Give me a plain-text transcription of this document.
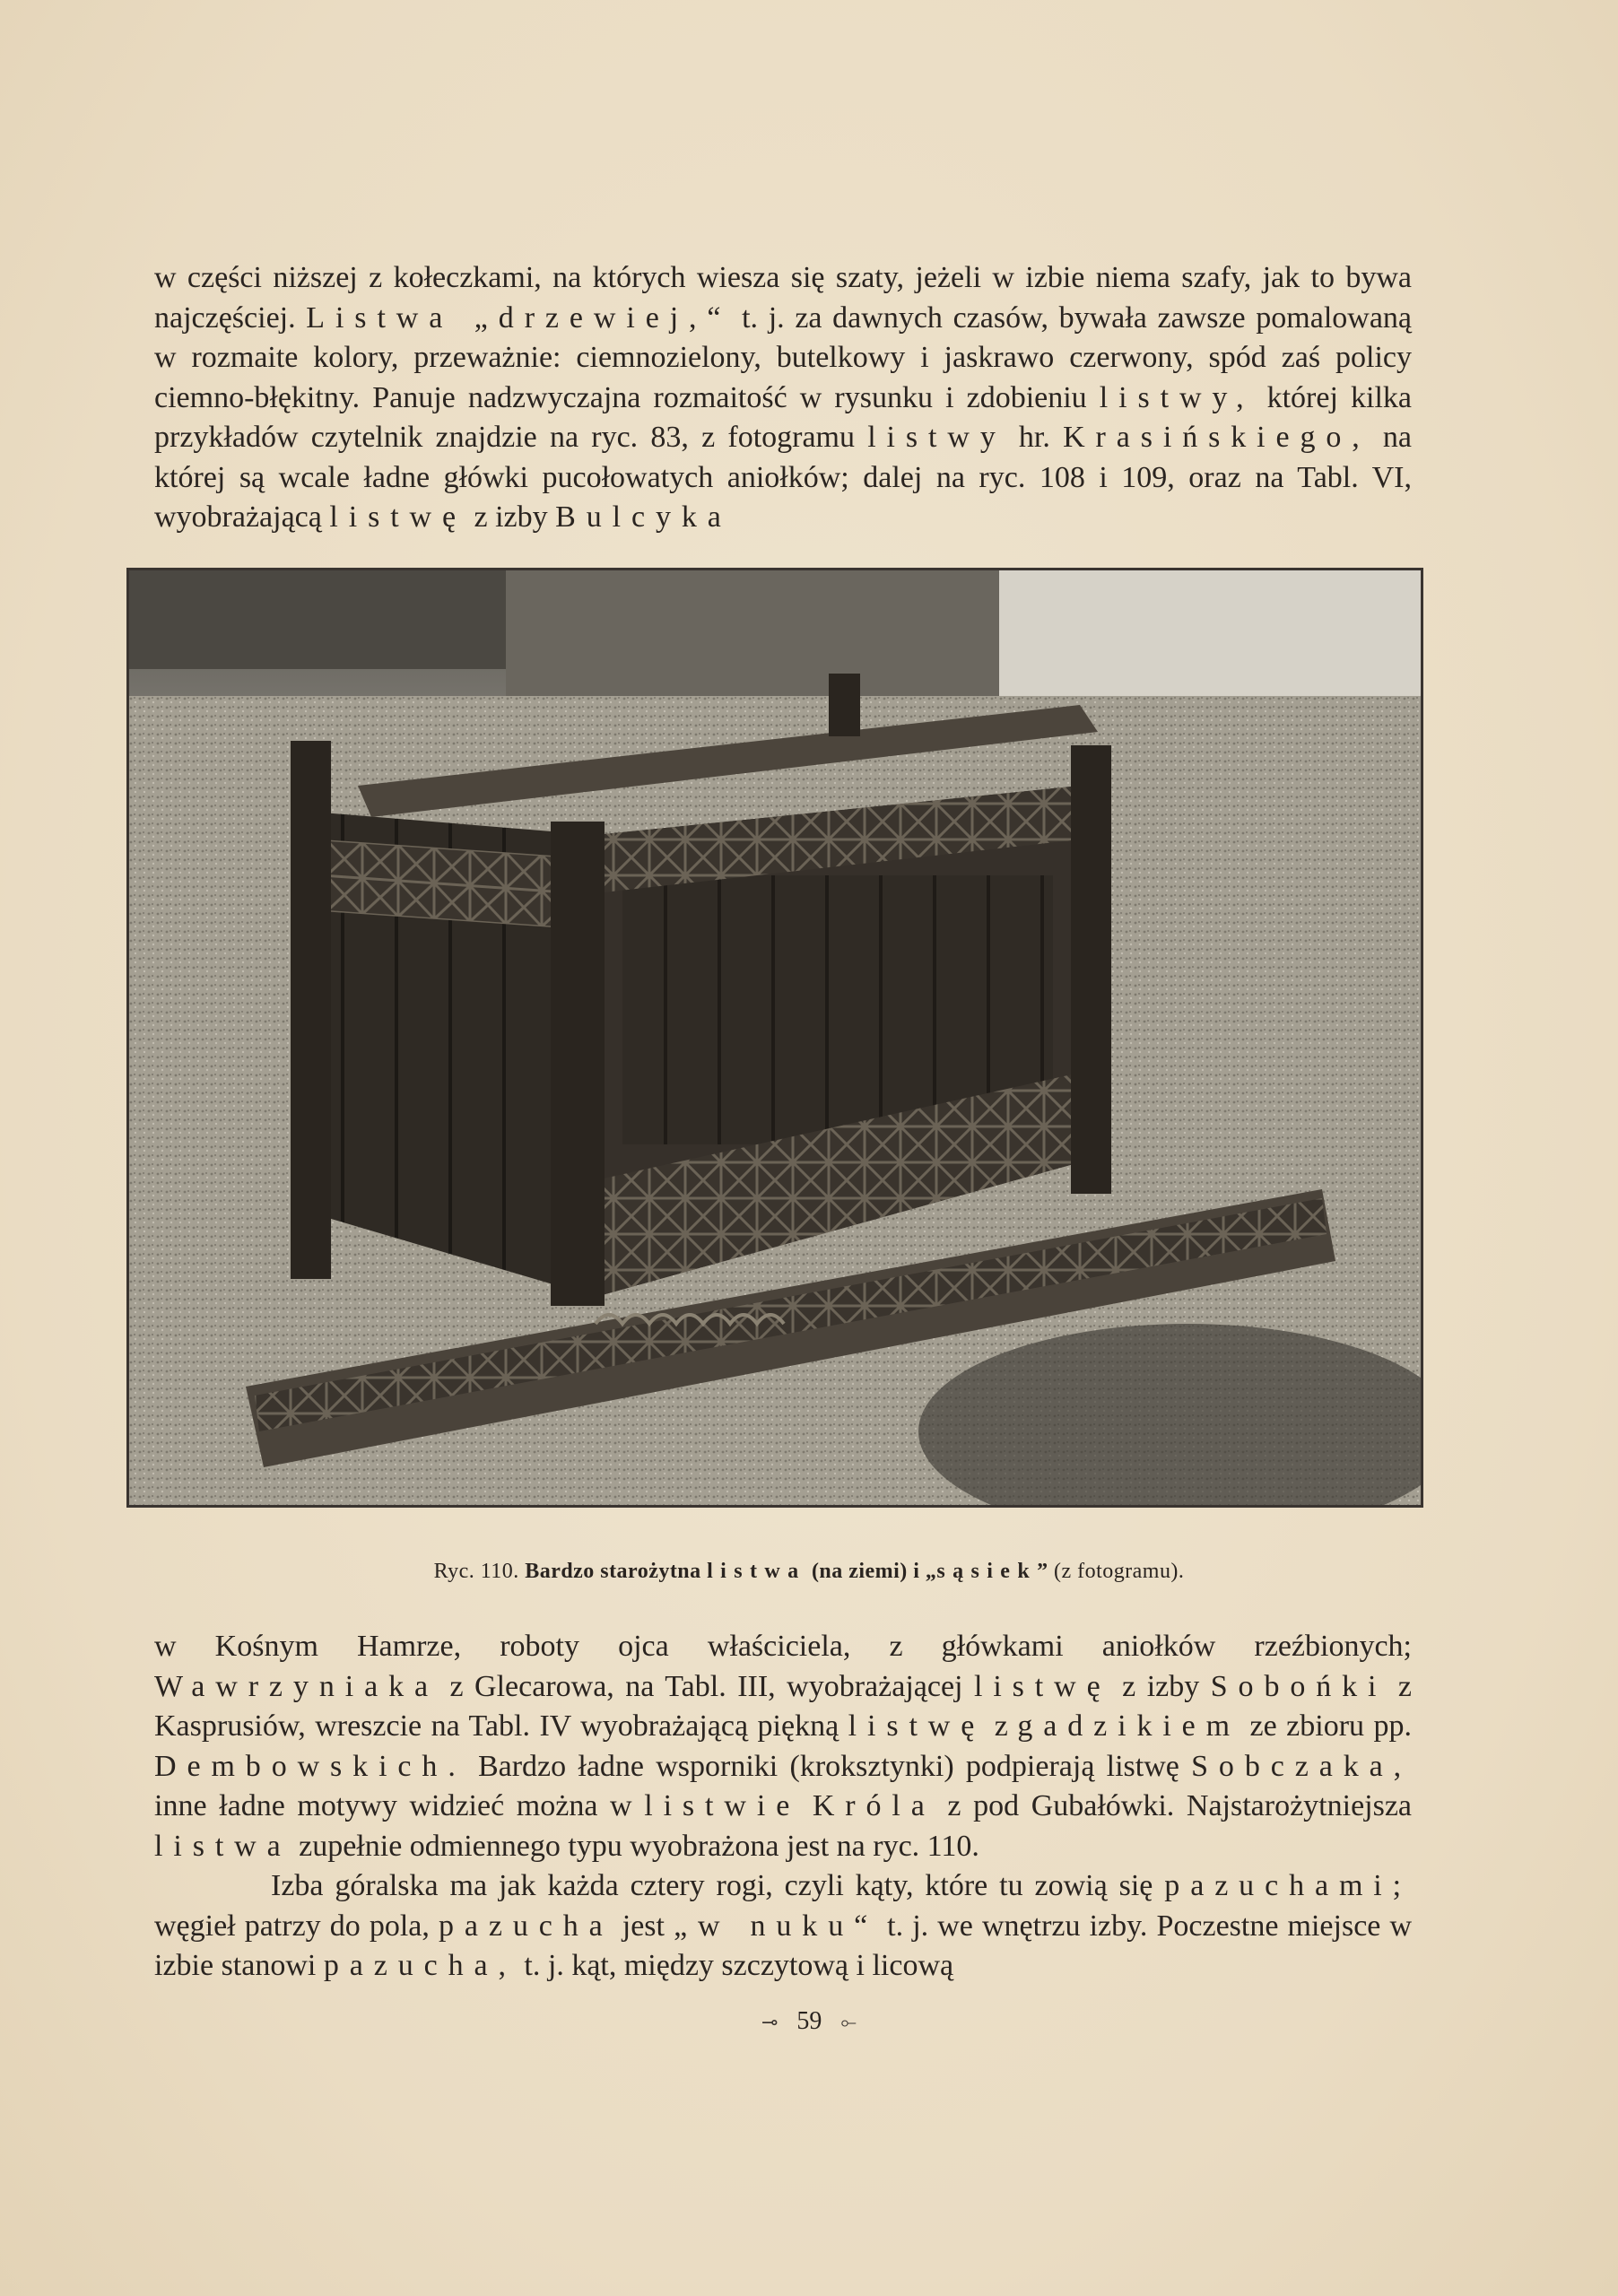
w części niższej z kołeczkami, na których wiesza się szaty, jeżeli w izbie niema szafy, jak to bywa najczęściej. Listwa „drzewiej,“ t. j. za dawnych czasów, bywała zawsze pomalowaną w rozmaite kolory, przeważnie: ciemnozielony, butelkowy i jaskrawo czerwony, spód zaś policy ciemno-błękitny. Panuje nadzwyczajna rozmaitość w rysunku i zdobieniu listwy, której kilka przykładów czytelnik znajdzie na ryc. 83, z fotogramu listwy hr. Krasińskiego, na której są wcale ładne główki pucołowatych aniołków; dalej na ryc. 108 i 109, oraz na Tabl. VI, wyobrażającą listwę z izby Bulcyka

Ryc. 110. Bardzo starożytna listwa (na ziemi) i „sąsiek” (z fotogramu).

w Kośnym Hamrze, roboty ojca właściciela, z główkami aniołków rzeźbionych; Wawrzyniaka z Glecarowa, na Tabl. III, wyobrażającej listwę z izby Sobońki z Kasprusiów, wreszcie na Tabl. IV wyobrażającą piękną listwę z gadzikiem ze zbioru pp. Dembowskich. Bardzo ładne wsporniki (kroksztynki) podpierają listwę Sobczaka, inne ładne motywy widzieć można w listwie Króla z pod Gubałówki. Najstarożytniejsza listwa zupełnie odmiennego typu wyobrażona jest na ryc. 110.

Izba góralska ma jak każda cztery rogi, czyli kąty, które tu zowią się pazuchami; węgieł patrzy do pola, pazucha jest „w nuku“ t. j. we wnętrzu izby. Poczestne miejsce w izbie stanowi pazucha, t. j. kąt, między szczytową i licową

⊸ 59 ⟜
